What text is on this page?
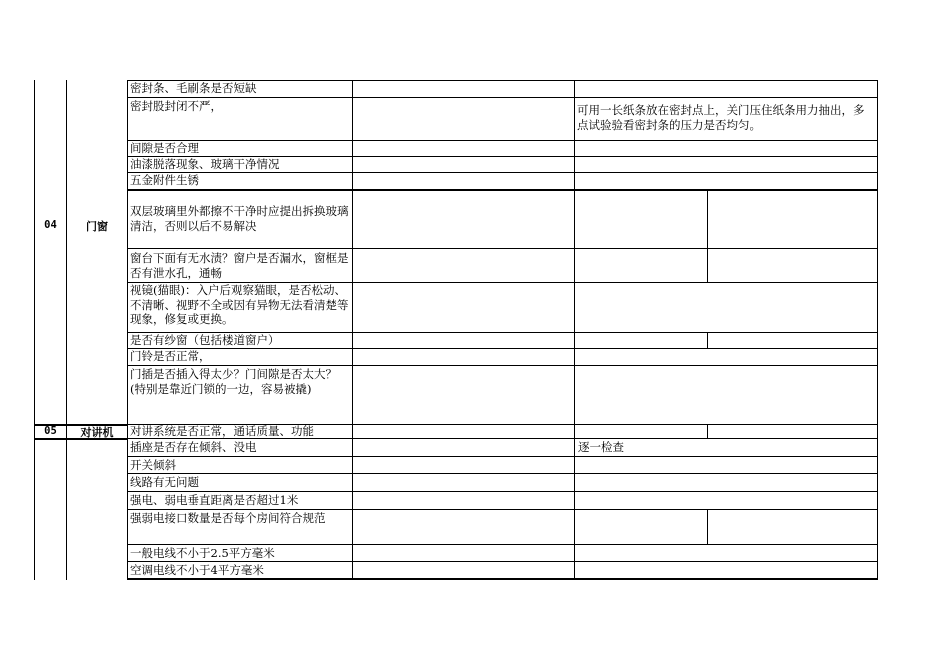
04	门窗
05	对讲机
密封条、毛刷条是否短缺
密封股封闭不严，
间隙是否合理
油漆脱落现象、玻璃干净情况
五金附件生锈
双层玻璃里外都擦不干净时应提出拆换玻璃清洁，否则以后不易解决
窗台下面有无水渍？窗户是否漏水，窗框是否有泄水孔，通畅
视镜(猫眼)：入户后观察猫眼，是否松动、不清晰、视野不全或因有异物无法看清楚等现象，修复或更换。
是否有纱窗（包括楼道窗户）
门铃是否正常，
门插是否插入得太少？门间隙是否太大？(特别是靠近门锁的一边，容易被撬)
对讲系统是否正常，通话质量、功能
插座是否存在倾斜、没电
开关倾斜
线路有无问题
强电、弱电垂直距离是否超过1米
强弱电接口数量是否每个房间符合规范
一般电线不小于2.5平方毫米
空调电线不小于4平方毫米
可用一长纸条放在密封点上，关门压住纸条用力抽出，多点试验验看密封条的压力是否均匀。
逐一检查
